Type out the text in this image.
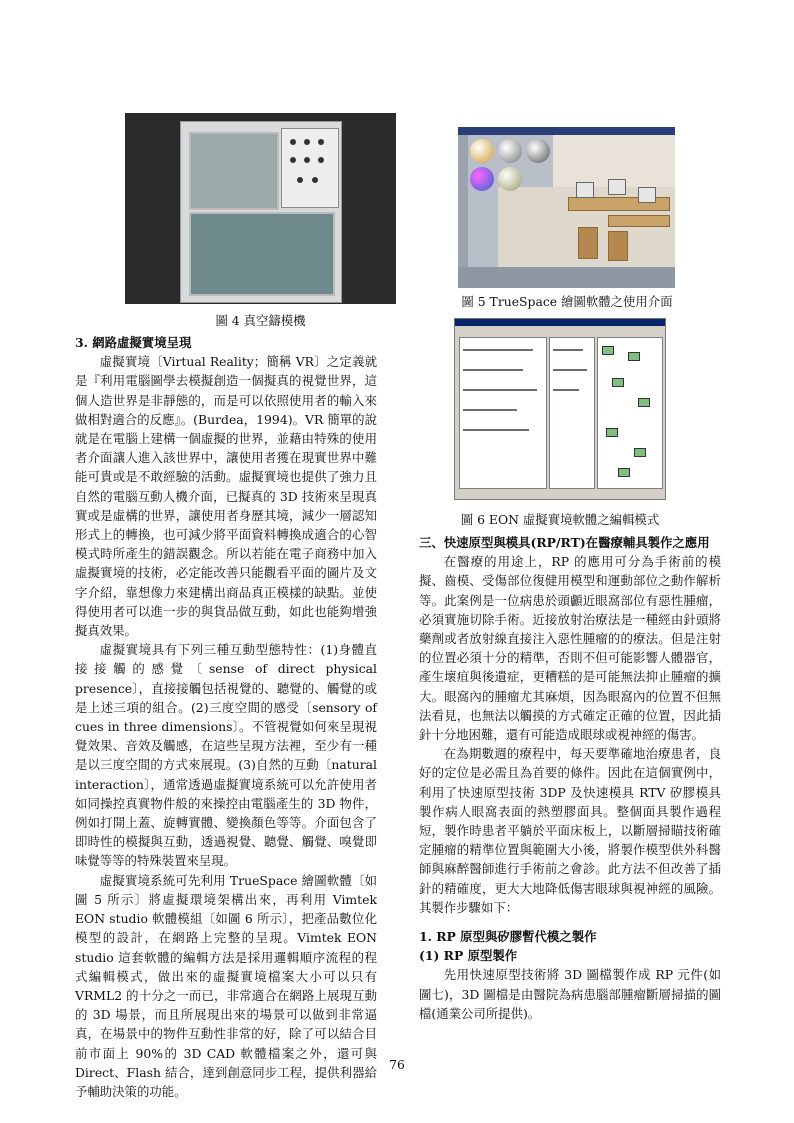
圖 4 真空鑄模機
圖 5 TrueSpace 繪圖軟體之使用介面
圖 6 EON 虛擬實境軟體之編輯模式
3. 網路虛擬實境呈現

虛擬實境〔Virtual Reality；簡稱 VR〕之定義就是『利用電腦圖學去模擬創造一個擬真的視覺世界，這個人造世界是非靜態的，而是可以依照使用者的輸入來做相對適合的反應』。(Burdea，1994)。VR 簡單的說就是在電腦上建構一個虛擬的世界，並藉由特殊的使用者介面讓人進入該世界中，讓使用者獲在現實世界中難能可貴或是不敢經驗的活動。虛擬實境也提供了強力且自然的電腦互動人機介面，已擬真的 3D 技術來呈現真實或是虛構的世界，讓使用者身歷其境，減少一層認知形式上的轉換，也可減少將平面資料轉換成適合的心智模式時所產生的錯誤觀念。所以若能在電子商務中加入虛擬實境的技術，必定能改善只能觀看平面的圖片及文字介紹，靠想像力來建構出商品真正模樣的缺點。並使得使用者可以進一步的與貨品做互動，如此也能夠增強擬真效果。

虛擬實境具有下列三種互動型態特性：(1)身體直接接觸的感覺〔sense of direct physical presence〕，直接接觸包括視覺的、聽覺的、觸覺的或是上述三項的組合。(2)三度空間的感受〔sensory of cues in three dimensions〕。不管視覺如何來呈現視覺效果、音效及觸感，在這些呈現方法裡，至少有一種是以三度空間的方式來展現。(3)自然的互動〔natural interaction〕，通常透過虛擬實境系統可以允許使用者如同操控真實物件般的來操控由電腦產生的 3D 物件，例如打開上蓋、旋轉實體、變換顏色等等。介面包含了即時性的模擬與互動，透過視覺、聽覺、觸覺、嗅覺即味覺等等的特殊裝置來呈現。

虛擬實境系統可先利用 TrueSpace 繪圖軟體〔如圖 5 所示〕將虛擬環境架構出來，再利用 Vimtek EON studio 軟體模組〔如圖 6 所示〕，把產品數位化模型的設計，在網路上完整的呈現。Vimtek EON studio 這套軟體的編輯方法是採用邏輯順序流程的程式編輯模式，做出來的虛擬實境檔案大小可以只有 VRML2 的十分之一而已，非常適合在網路上展現互動的 3D 場景，而且所展現出來的場景可以做到非常逼真，在場景中的物件互動性非常的好，除了可以結合目前市面上 90%的 3D CAD 軟體檔案之外，還可與 Direct、Flash 結合，達到創意同步工程，提供利器給予輔助決策的功能。

三、快速原型與模具(RP/RT)在醫療輔具製作之應用

在醫療的用途上，RP 的應用可分為手術前的模擬、齒模、受傷部位復健用模型和運動部位之動作解析等。此案例是一位病患於頭顱近眼窩部位有惡性腫瘤，必須實施切除手術。近接放射治療法是一種經由針頭將藥劑或者放射線直接注入惡性腫瘤的的療法。但是注射的位置必須十分的精準，否則不但可能影響人體器官，產生壞疽與後遺症，更糟糕的是可能無法抑止腫瘤的擴大。眼窩內的腫瘤尤其麻煩，因為眼窩內的位置不但無法看見，也無法以觸摸的方式確定正確的位置，因此插針十分地困難，還有可能造成眼球或視神經的傷害。

在為期數週的療程中，每天要準確地治療患者，良好的定位是必需且為首要的條件。因此在這個實例中，利用了快速原型技術 3DP 及快速模具 RTV 矽膠模具製作病人眼窩表面的熱塑膠面具。整個面具製作過程短，製作時患者平躺於平面床板上，以斷層掃瞄技術確定腫瘤的精準位置與範圍大小後，將製作模型供外科醫師與麻醉醫師進行手術前之會診。此方法不但改善了插針的精確度，更大大地降低傷害眼球與視神經的風險。其製作步驟如下：

1. RP 原型與矽膠暫代模之製作
(1) RP 原型製作

先用快速原型技術將 3D 圖檔製作成 RP 元件(如圖七)，3D 圖檔是由醫院為病患腦部腫瘤斷層掃描的圖檔(通業公司所提供)。

76
